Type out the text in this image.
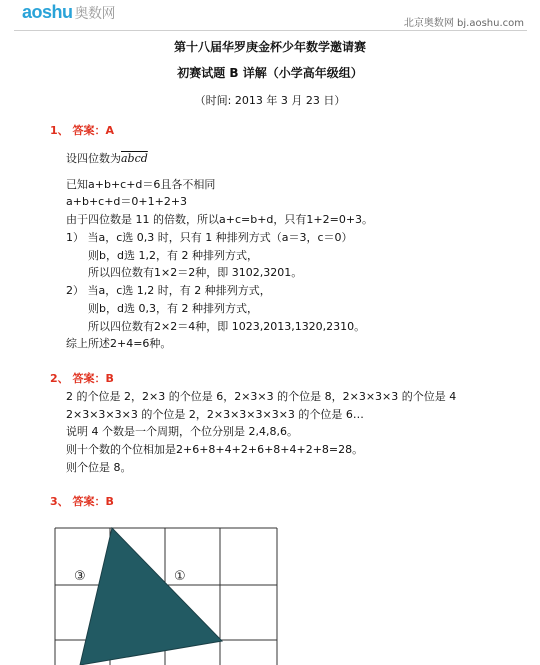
aoshu 奥数网
北京奥数网 bj.aoshu.com
第十八届华罗庚金杯少年数学邀请赛
初赛试题 B 详解（小学高年级组）
（时间: 2013 年 3 月 23 日）
1、 答案：A
设四位数为abcd
已知a+b+c+d＝6且各不相同
a+b+c+d＝0+1+2+3
由于四位数是 11 的倍数，所以a+c=b+d，只有1+2=0+3。
1） 当a，c选 0,3 时，只有 1 种排列方式（a＝3，c＝0）
则b，d选 1,2，有 2 种排列方式，
所以四位数有1×2＝2种，即 3102,3201。
2） 当a，c选 1,2 时，有 2 种排列方式，
则b，d选 0,3，有 2 种排列方式，
所以四位数有2×2＝4种，即 1023,2013,1320,2310。
综上所述2+4=6种。
2、 答案：B
2 的个位是 2，2×3 的个位是 6，2×3×3 的个位是 8，2×3×3×3 的个位是 4
2×3×3×3×3 的个位是 2，2×3×3×3×3×3 的个位是 6…
说明 4 个数是一个周期，个位分别是 2,4,8,6。
则十个数的个位相加是2+6+8+4+2+6+8+4+2+8=28。
则个位是 8。
3、 答案：B
③	①
